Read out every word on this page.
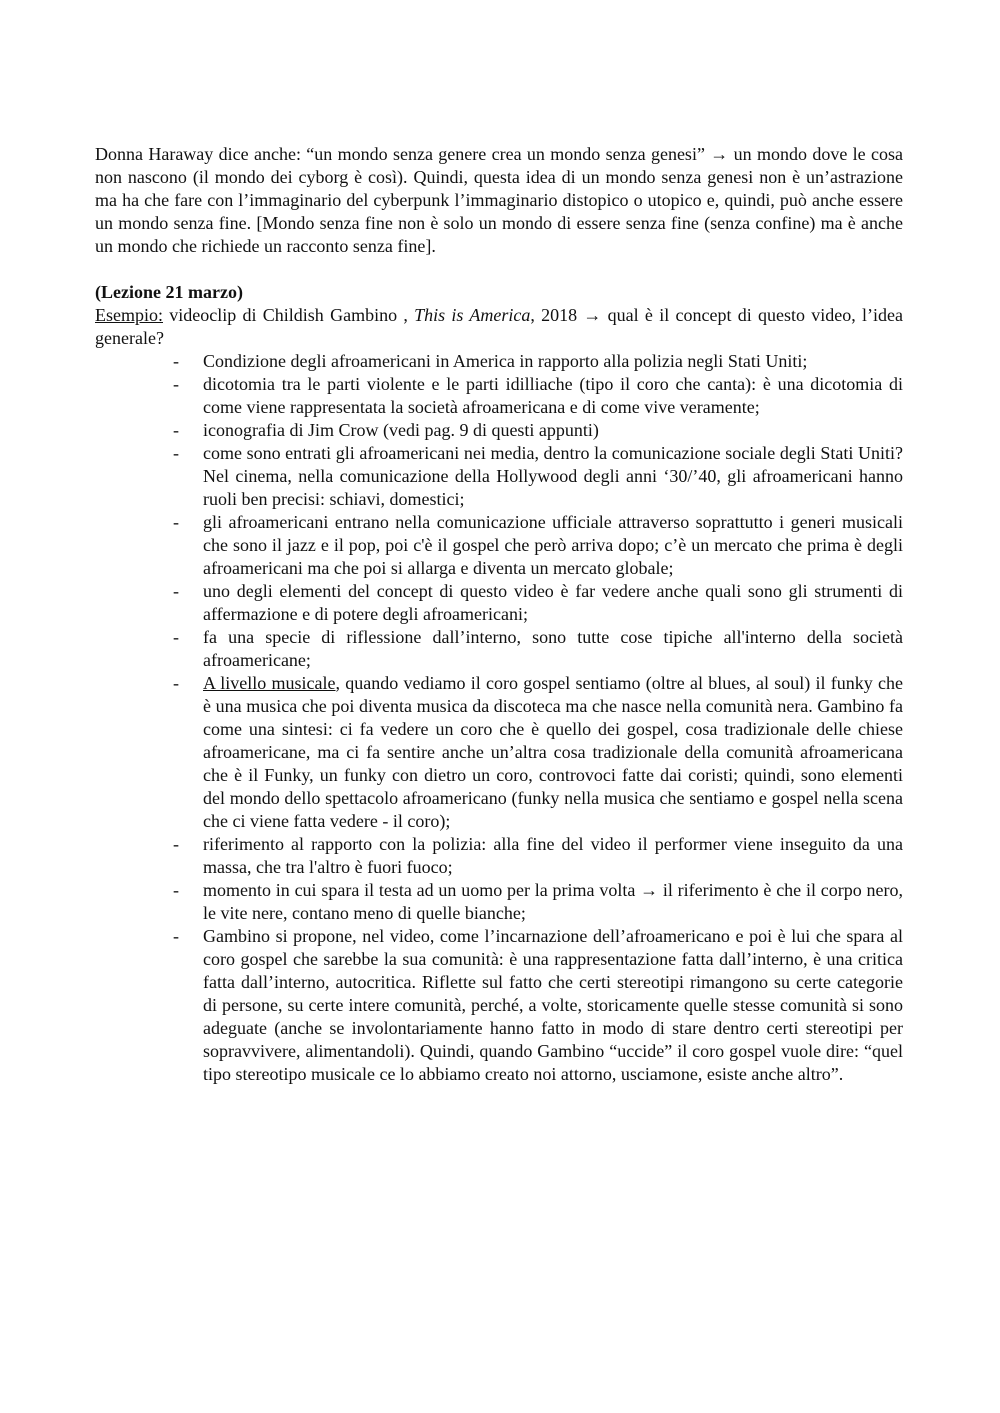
Donna Haraway dice anche: “un mondo senza genere crea un mondo senza genesi” → un mondo dove le cosa non nascono (il mondo dei cyborg è così). Quindi, questa idea di un mondo senza genesi non è un’astrazione ma ha che fare con l’immaginario del cyberpunk l’immaginario distopico o utopico e, quindi, può anche essere un mondo senza fine. [Mondo senza fine non è solo un mondo di essere senza fine (senza confine) ma è anche un mondo che richiede un racconto senza fine].

(Lezione 21 marzo)

Esempio: videoclip di Childish Gambino , This is America, 2018 → qual è il concept di questo video, l’idea generale?

- Condizione degli afroamericani in America in rapporto alla polizia negli Stati Uniti;
- dicotomia tra le parti violente e le parti idilliache (tipo il coro che canta): è una dicotomia di come viene rappresentata la società afroamericana e di come vive veramente;
- iconografia di Jim Crow (vedi pag. 9 di questi appunti)
- come sono entrati gli afroamericani nei media, dentro la comunicazione sociale degli Stati Uniti? Nel cinema, nella comunicazione della Hollywood degli anni ‘30/’40, gli afroamericani hanno ruoli ben precisi: schiavi, domestici;
- gli afroamericani entrano nella comunicazione ufficiale attraverso soprattutto i generi musicali che sono il jazz e il pop, poi c'è il gospel che però arriva dopo; c’è un mercato che prima è degli afroamericani ma che poi si allarga e diventa un mercato globale;
- uno degli elementi del concept di questo video è far vedere anche quali sono gli strumenti di affermazione e di potere degli afroamericani;
- fa una specie di riflessione dall’interno, sono tutte cose tipiche all'interno della società afroamericane;
- A livello musicale, quando vediamo il coro gospel sentiamo (oltre al blues, al soul) il funky che è una musica che poi diventa musica da discoteca ma che nasce nella comunità nera. Gambino fa come una sintesi: ci fa vedere un coro che è quello dei gospel, cosa tradizionale delle chiese afroamericane, ma ci fa sentire anche un’altra cosa tradizionale della comunità afroamericana che è il Funky, un funky con dietro un coro, controvoci fatte dai coristi; quindi, sono elementi del mondo dello spettacolo afroamericano (funky nella musica che sentiamo e gospel nella scena che ci viene fatta vedere - il coro);
- riferimento al rapporto con la polizia: alla fine del video il performer viene inseguito da una massa, che tra l'altro è fuori fuoco;
- momento in cui spara il testa ad un uomo per la prima volta → il riferimento è che il corpo nero, le vite nere, contano meno di quelle bianche;
- Gambino si propone, nel video, come l’incarnazione dell’afroamericano e poi è lui che spara al coro gospel che sarebbe la sua comunità: è una rappresentazione fatta dall’interno, è una critica fatta dall’interno, autocritica. Riflette sul fatto che certi stereotipi rimangono su certe categorie di persone, su certe intere comunità, perché, a volte, storicamente quelle stesse comunità si sono adeguate (anche se involontariamente hanno fatto in modo di stare dentro certi stereotipi per sopravvivere, alimentandoli). Quindi, quando Gambino “uccide” il coro gospel vuole dire: “quel tipo stereotipo musicale ce lo abbiamo creato noi attorno, usciamone, esiste anche altro”.
